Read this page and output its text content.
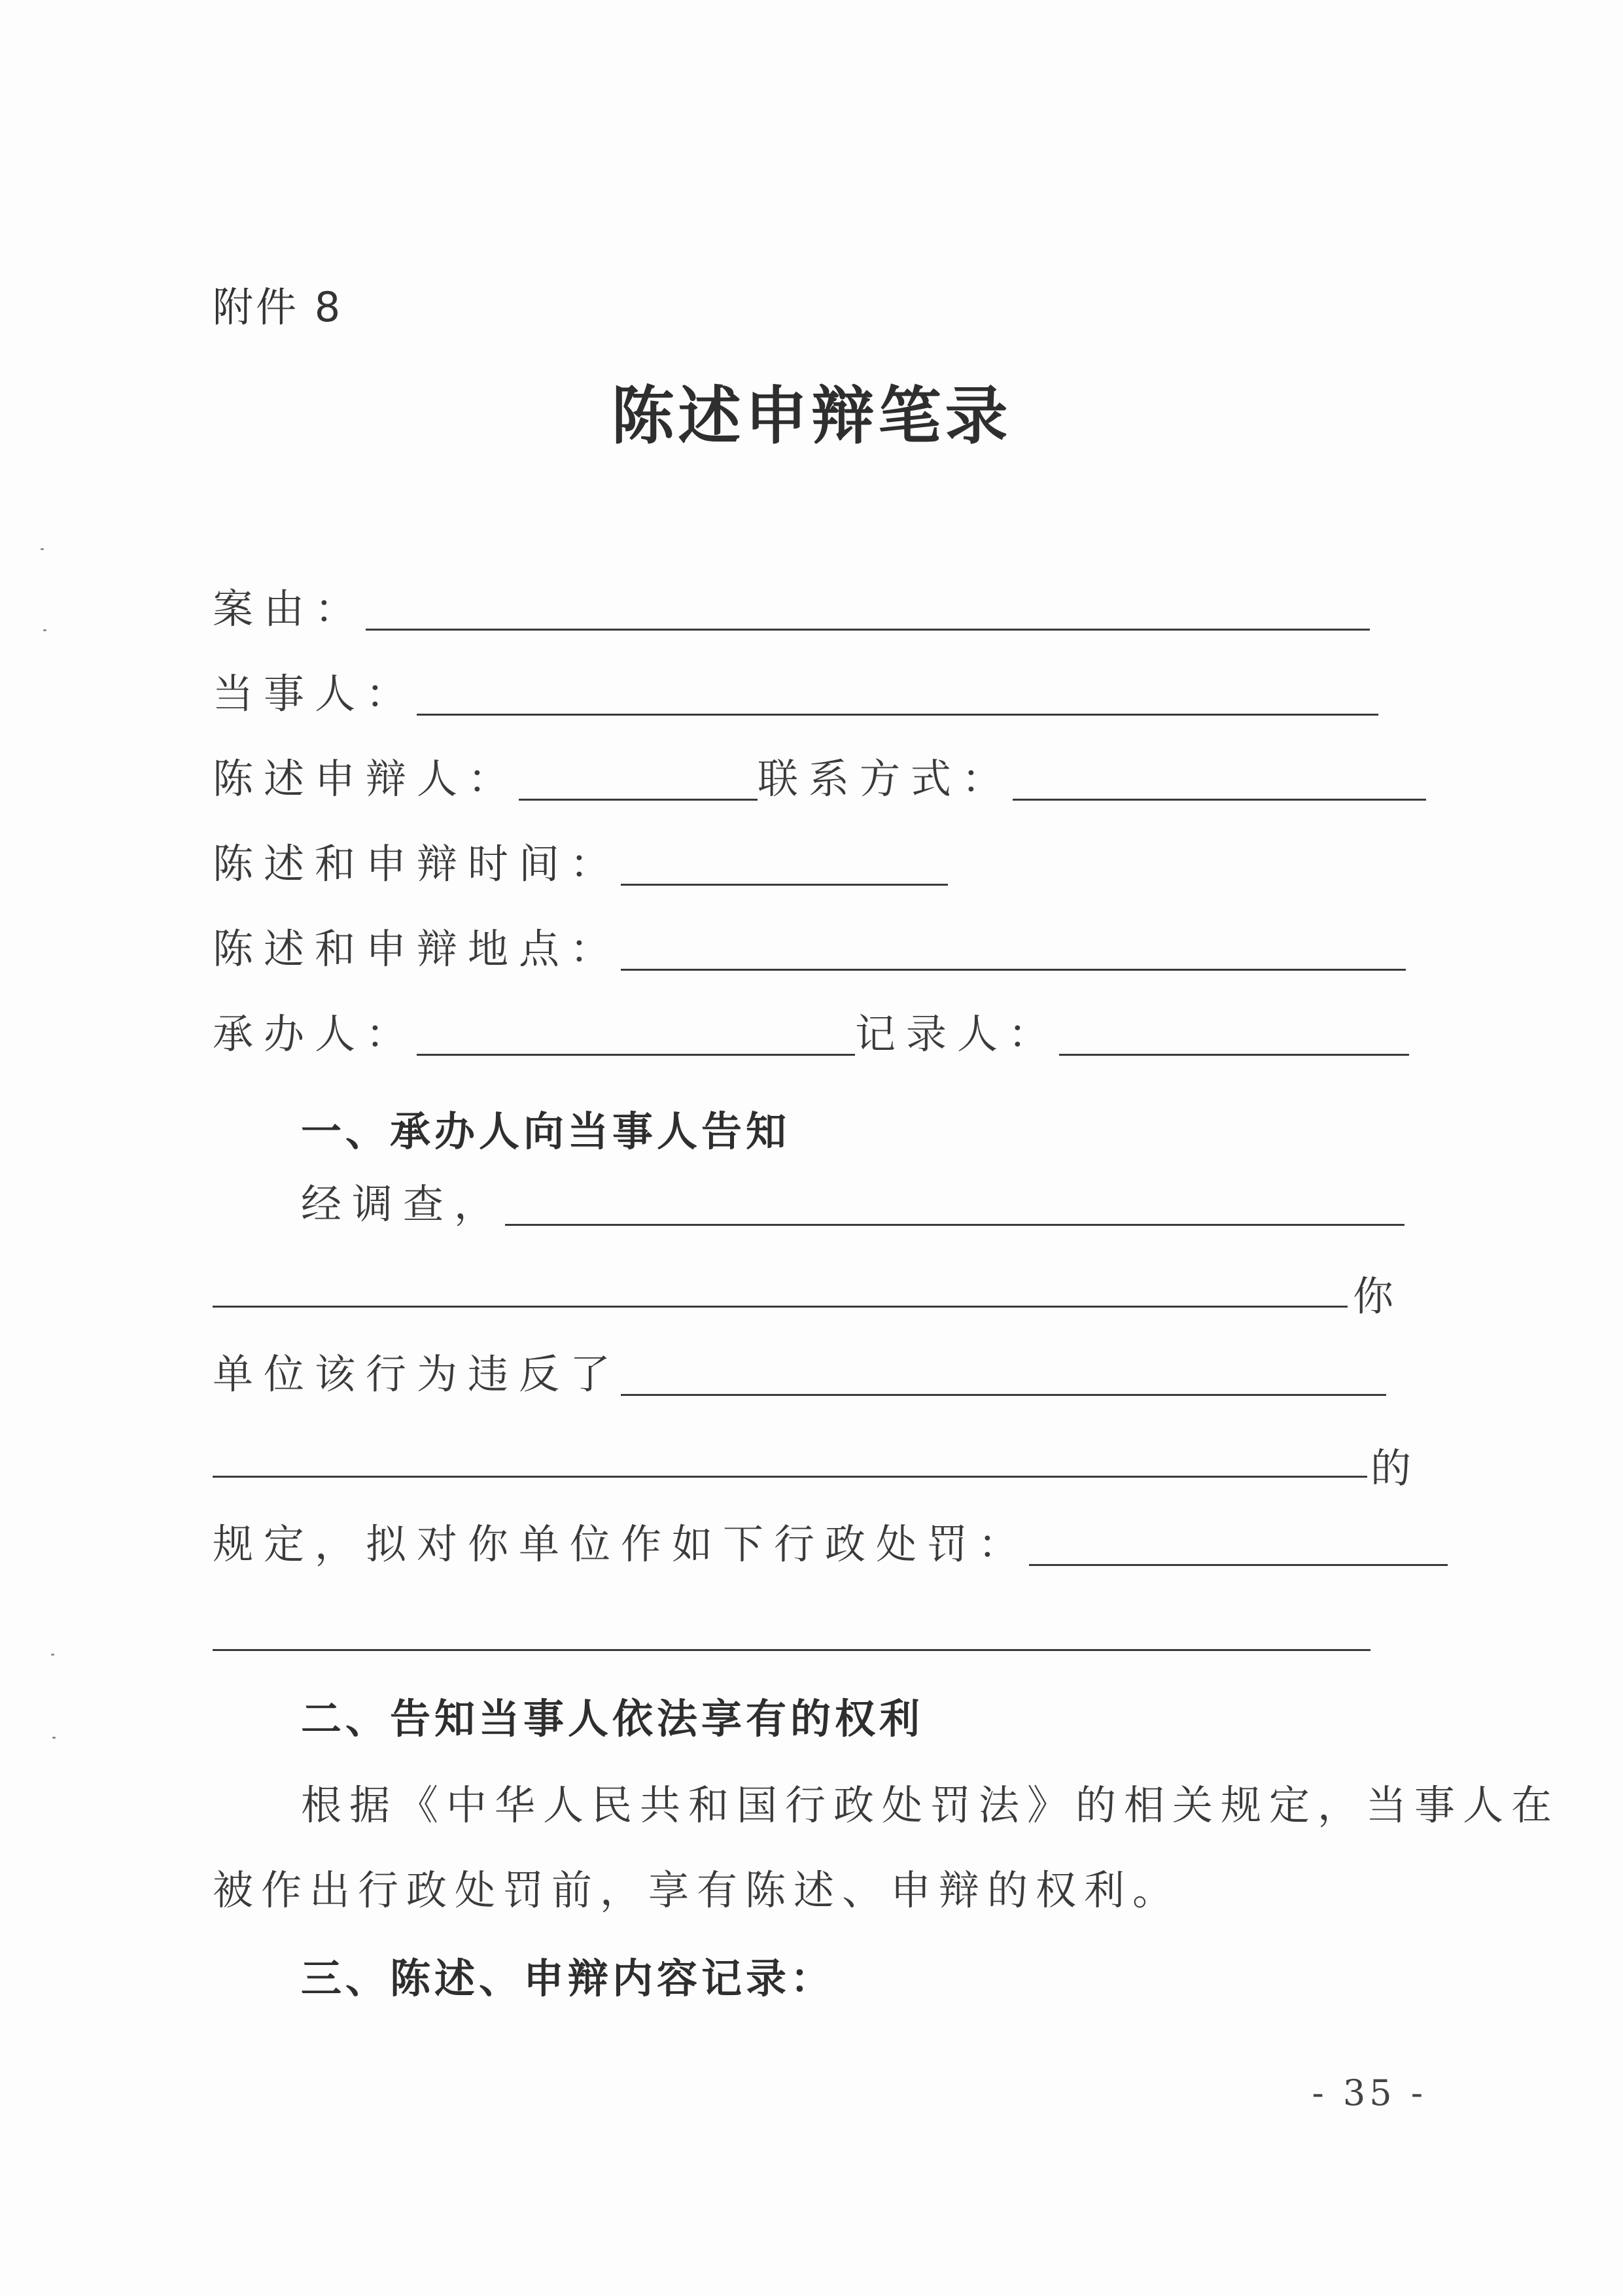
附件 8
陈述申辩笔录
案由：
当事人：
陈述申辩人：	联系方式：
陈述和申辩时间：
陈述和申辩地点：
承办人：	记录人：
一、承办人向当事人告知
经调查，
你
单位该行为违反了
的
规定，拟对你单位作如下行政处罚：
二、告知当事人依法享有的权利
根据《中华人民共和国行政处罚法》的相关规定，当事人在
被作出行政处罚前，享有陈述、申辩的权利。
三、陈述、申辩内容记录：
- 35 -
